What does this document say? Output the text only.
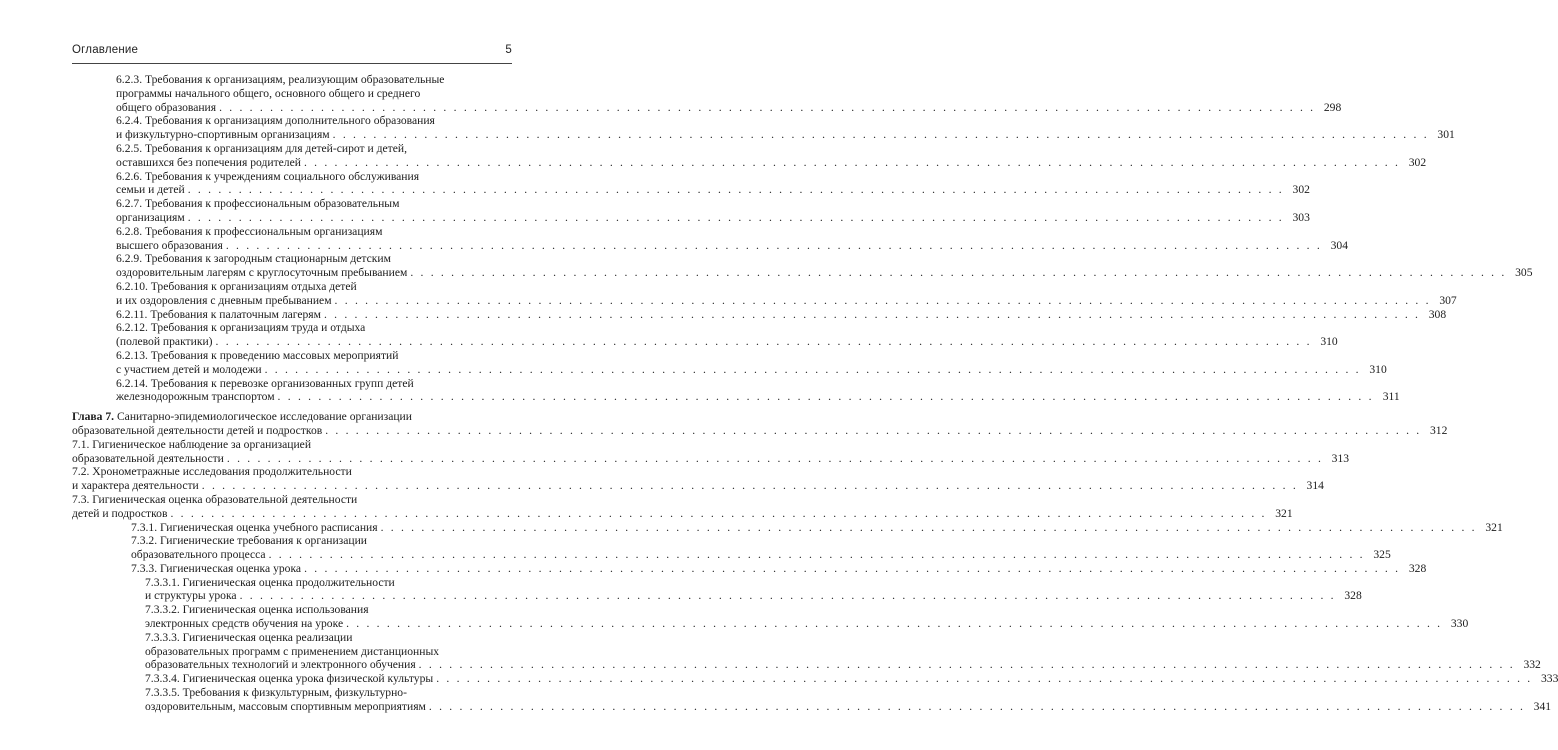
Оглавление	5
6.2.3. Требования к организациям, реализующим образовательные
программы начального общего, основного общего и среднего
общего образования . . .	298
6.2.4. Требования к организациям дополнительного образования
и физкультурно-спортивным организациям . . .	301
6.2.5. Требования к организациям для детей-сирот и детей,
оставшихся без попечения родителей . . .	302
6.2.6. Требования к учреждениям социального обслуживания
семьи и детей . . .	302
6.2.7. Требования к профессиональным образовательным
организациям . . .	303
6.2.8. Требования к профессиональным организациям
высшего образования . . .	304
6.2.9. Требования к загородным стационарным детским
оздоровительным лагерям с круглосуточным пребыванием . . .	305
6.2.10. Требования к организациям отдыха детей
и их оздоровления с дневным пребыванием . . .	307
6.2.11. Требования к палаточным лагерям . . .	308
6.2.12. Требования к организациям труда и отдыха
(полевой практики) . . .	310
6.2.13. Требования к проведению массовых мероприятий
с участием детей и молодежи . . .	310
6.2.14. Требования к перевозке организованных групп детей
железнодорожным транспортом . . .	311
Глава 7. Санитарно-эпидемиологическое исследование организации
образовательной деятельности детей и подростков . . .	312
7.1. Гигиеническое наблюдение за организацией
образовательной деятельности . . .	313
7.2. Хронометражные исследования продолжительности
и характера деятельности . . .	314
7.3. Гигиеническая оценка образовательной деятельности
детей и подростков . . .	321
7.3.1. Гигиеническая оценка учебного расписания . . .	321
7.3.2. Гигиенические требования к организации
образовательного процесса . . .	325
7.3.3. Гигиеническая оценка урока . . .	328
7.3.3.1. Гигиеническая оценка продолжительности
и структуры урока . . .	328
7.3.3.2. Гигиеническая оценка использования
электронных средств обучения на уроке . . .	330
7.3.3.3. Гигиеническая оценка реализации
образовательных программ с применением дистанционных
образовательных технологий и электронного обучения . . .	332
7.3.3.4. Гигиеническая оценка урока физической культуры . . .	333
7.3.3.5. Требования к физкультурным, физкультурно-
оздоровительным, массовым спортивным мероприятиям . . .	341
